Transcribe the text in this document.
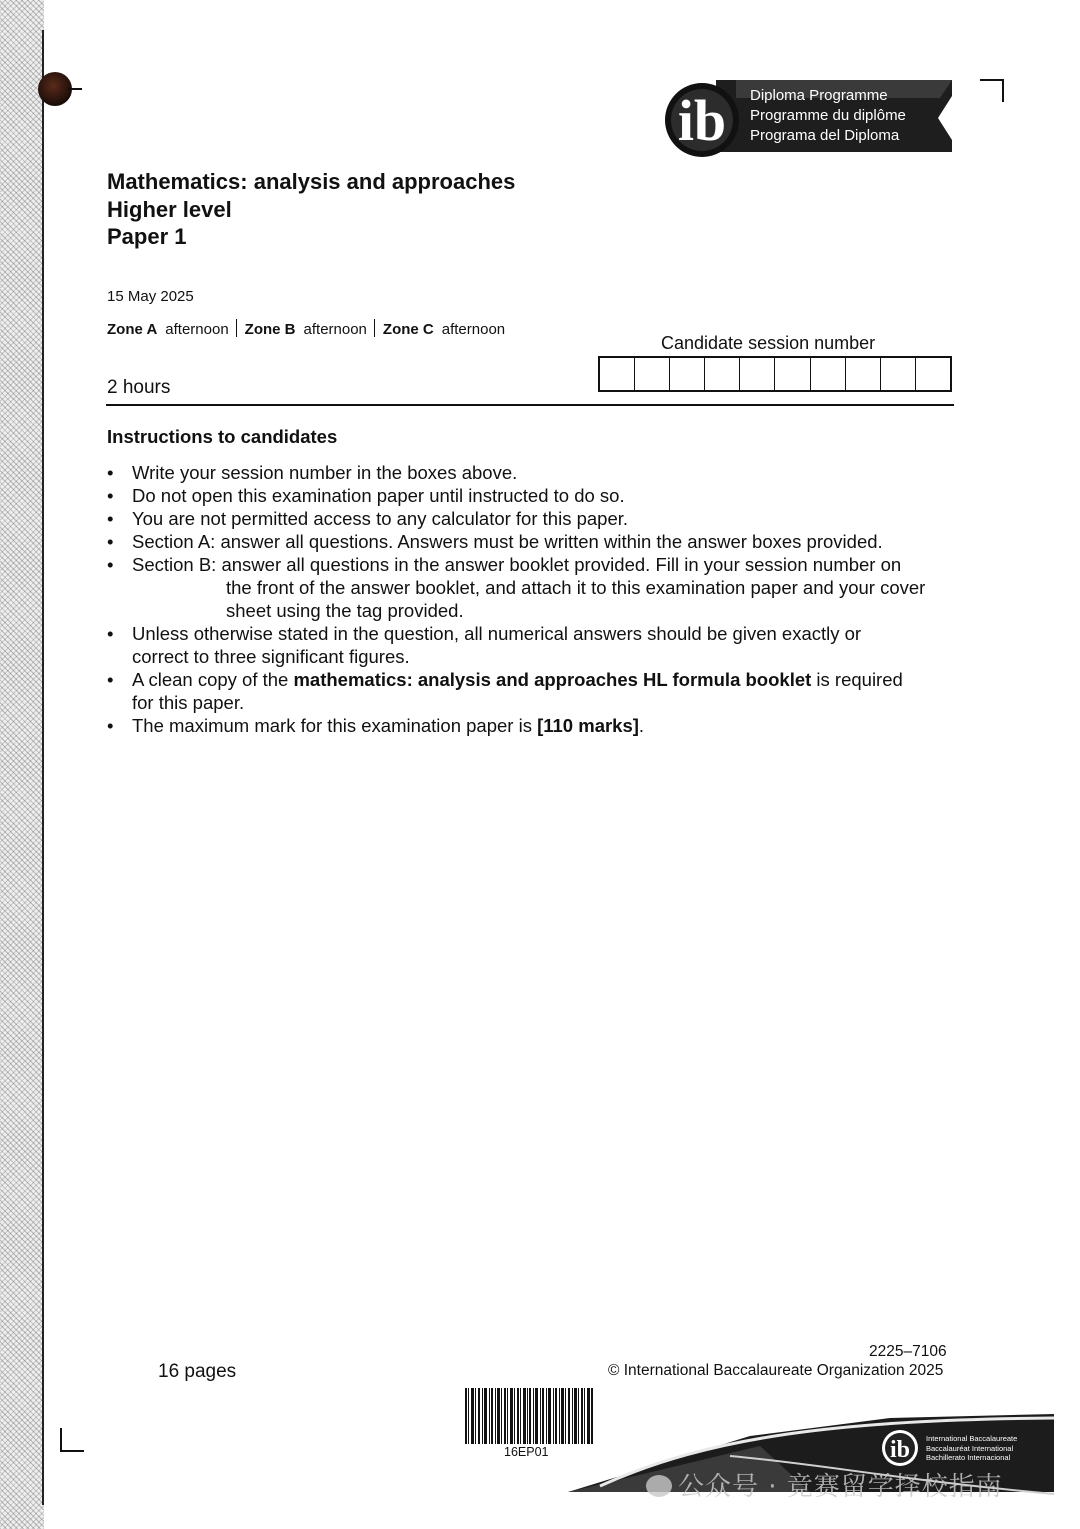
ib Diploma Programme
Programme du diplôme
Programa del Diploma
Mathematics: analysis and approaches
Higher level
Paper 1
15 May 2025
Zone A afternoon Zone B afternoon Zone C afternoon
Candidate session number
2 hours
Instructions to candidates
• Write your session number in the boxes above.
• Do not open this examination paper until instructed to do so.
• You are not permitted access to any calculator for this paper.
• Section A: answer all questions. Answers must be written within the answer boxes provided.
• Section B: answer all questions in the answer booklet provided. Fill in your session number on
the front of the answer booklet, and attach it to this examination paper and your cover
sheet using the tag provided.
• Unless otherwise stated in the question, all numerical answers should be given exactly or
correct to three significant figures.
• A clean copy of the mathematics: analysis and approaches HL formula booklet is required
for this paper.
• The maximum mark for this examination paper is [110 marks].
16 pages
2225–7106
© International Baccalaureate Organization 2025
16EP01	ib International Baccalaureate
Baccalauréat International
Bachillerato Internacional
公众号 · 竞赛留学择校指南
